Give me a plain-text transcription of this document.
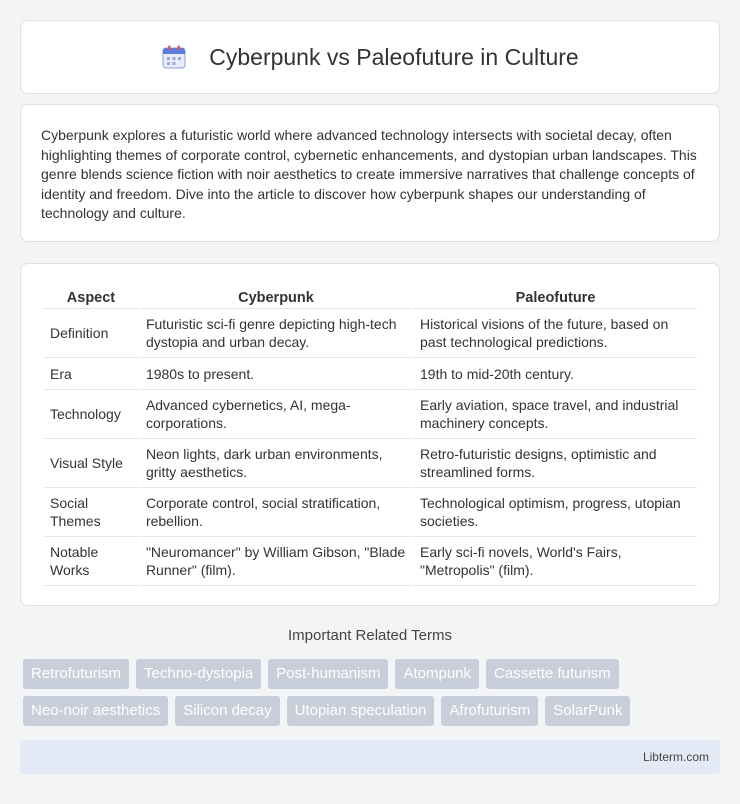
Cyberpunk vs Paleofuture in Culture

Cyberpunk explores a futuristic world where advanced technology intersects with societal decay, often highlighting themes of corporate control, cybernetic enhancements, and dystopian urban landscapes. This genre blends science fiction with noir aesthetics to create immersive narratives that challenge concepts of identity and freedom. Dive into the article to discover how cyberpunk shapes our understanding of technology and culture.

Aspect	Cyberpunk	Paleofuture
Definition	Futuristic sci-fi genre depicting high-tech dystopia and urban decay.	Historical visions of the future, based on past technological predictions.
Era	1980s to present.	19th to mid-20th century.
Technology	Advanced cybernetics, AI, mega-corporations.	Early aviation, space travel, and industrial machinery concepts.
Visual Style	Neon lights, dark urban environments, gritty aesthetics.	Retro-futuristic designs, optimistic and streamlined forms.
Social Themes	Corporate control, social stratification, rebellion.	Technological optimism, progress, utopian societies.
Notable Works	"Neuromancer" by William Gibson, "Blade Runner" (film).	Early sci-fi novels, World's Fairs, "Metropolis" (film).
Important Related Terms
Retrofuturism	Techno-dystopia	Post-humanism	Atompunk	Cassette futurism
Neo-noir aesthetics	Silicon decay	Utopian speculation	Afrofuturism	SolarPunk
Libterm.com
